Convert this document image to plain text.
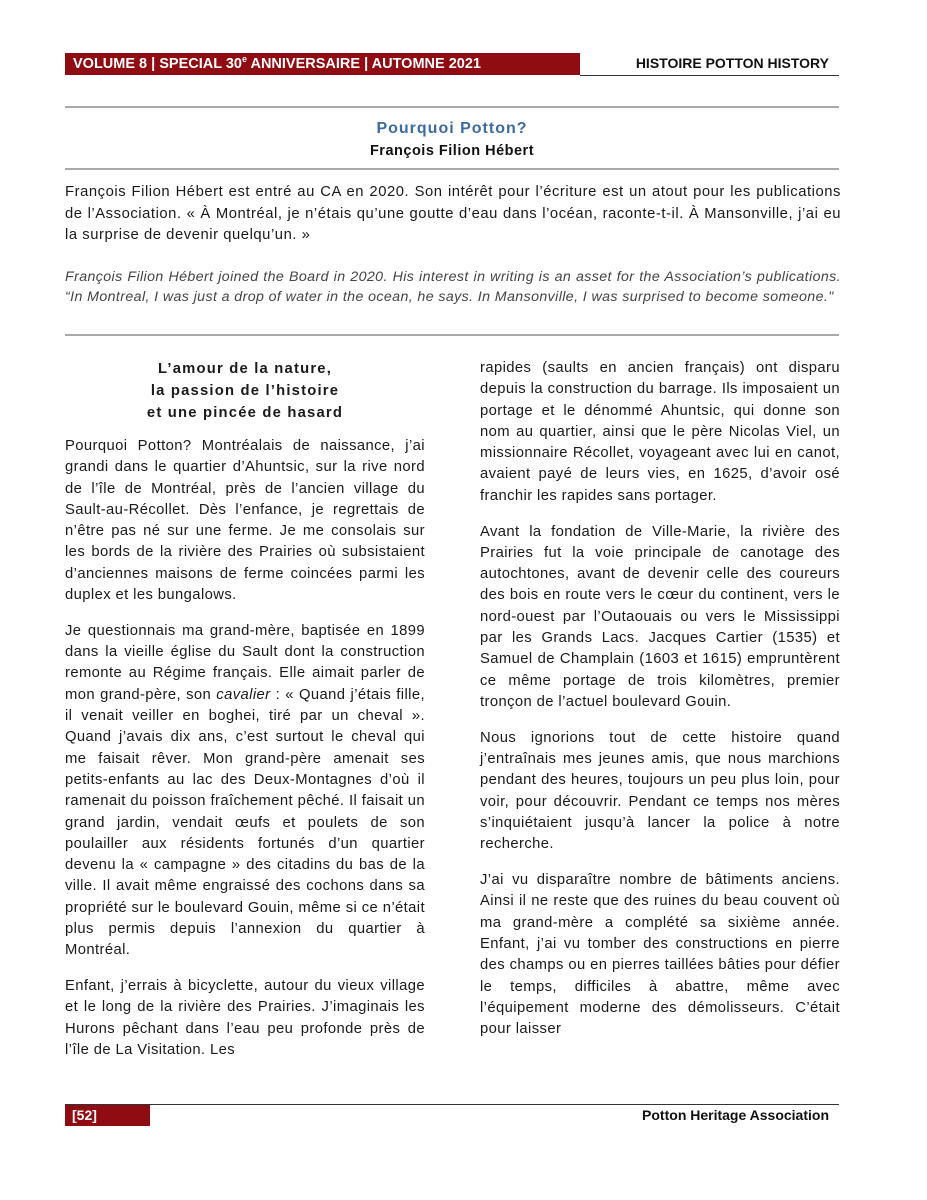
VOLUME 8 | SPECIAL 30e ANNIVERSAIRE | AUTOMNE 2021	HISTOIRE POTTON HISTORY
Pourquoi Potton?
François Filion Hébert
François Filion Hébert est entré au CA en 2020. Son intérêt pour l’écriture est un atout pour les publications de l’Association. « À Montréal, je n’étais qu’une goutte d’eau dans l’océan, raconte-t-il. À Mansonville, j’ai eu la surprise de devenir quelqu’un. »
François Filion Hébert joined the Board in 2020. His interest in writing is an asset for the Association’s publications. “In Montreal, I was just a drop of water in the ocean, he says. In Mansonville, I was surprised to become someone."
L’amour de la nature,
la passion de l’histoire
et une pincée de hasard

Pourquoi Potton? Montréalais de naissance, j’ai grandi dans le quartier d’Ahuntsic, sur la rive nord de l’île de Montréal, près de l’ancien village du Sault-au-Récollet. Dès l’enfance, je regrettais de n’être pas né sur une ferme. Je me consolais sur les bords de la rivière des Prairies où subsistaient d’anciennes maisons de ferme coincées parmi les duplex et les bungalows.

Je questionnais ma grand-mère, baptisée en 1899 dans la vieille église du Sault dont la construction remonte au Régime français. Elle aimait parler de mon grand-père, son cavalier : « Quand j’étais fille, il venait veiller en boghei, tiré par un cheval ». Quand j’avais dix ans, c’est surtout le cheval qui me faisait rêver. Mon grand-père amenait ses petits-enfants au lac des Deux-Montagnes d’où il ramenait du poisson fraîchement pêché. Il faisait un grand jardin, vendait œufs et poulets de son poulailler aux résidents fortunés d’un quartier devenu la « campagne » des citadins du bas de la ville. Il avait même engraissé des cochons dans sa propriété sur le boulevard Gouin, même si ce n’était plus permis depuis l’annexion du quartier à Montréal.

Enfant, j’errais à bicyclette, autour du vieux village et le long de la rivière des Prairies. J’imaginais les Hurons pêchant dans l’eau peu profonde près de l’île de La Visitation. Les

rapides (saults en ancien français) ont disparu depuis la construction du barrage. Ils imposaient un portage et le dénommé Ahuntsic, qui donne son nom au quartier, ainsi que le père Nicolas Viel, un missionnaire Récollet, voyageant avec lui en canot, avaient payé de leurs vies, en 1625, d’avoir osé franchir les rapides sans portager.

Avant la fondation de Ville-Marie, la rivière des Prairies fut la voie principale de canotage des autochtones, avant de devenir celle des coureurs des bois en route vers le cœur du continent, vers le nord-ouest par l’Outaouais ou vers le Mississippi par les Grands Lacs. Jacques Cartier (1535) et Samuel de Champlain (1603 et 1615) empruntèrent ce même portage de trois kilomètres, premier tronçon de l’actuel boulevard Gouin.

Nous ignorions tout de cette histoire quand j’entraînais mes jeunes amis, que nous marchions pendant des heures, toujours un peu plus loin, pour voir, pour découvrir. Pendant ce temps nos mères s’inquiétaient jusqu’à lancer la police à notre recherche.

J’ai vu disparaître nombre de bâtiments anciens. Ainsi il ne reste que des ruines du beau couvent où ma grand-mère a complété sa sixième année. Enfant, j’ai vu tomber des constructions en pierre des champs ou en pierres taillées bâties pour défier le temps, difficiles à abattre, même avec l’équipement moderne des démolisseurs. C’était pour laisser

[52]	Potton Heritage Association
